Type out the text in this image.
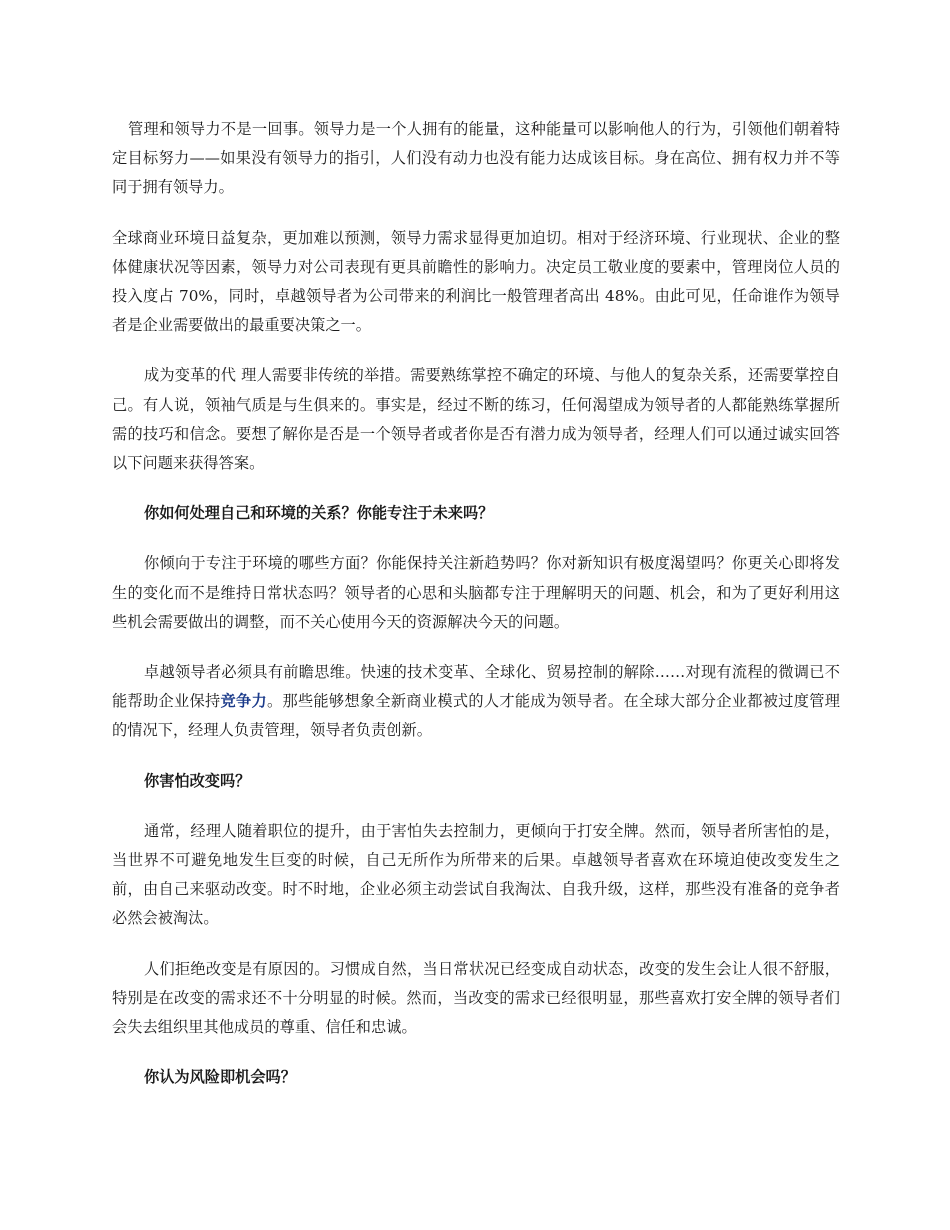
管理和领导力不是一回事。领导力是一个人拥有的能量，这种能量可以影响他人的行为，引领他们朝着特定目标努力——如果没有领导力的指引，人们没有动力也没有能力达成该目标。身在高位、拥有权力并不等同于拥有领导力。

全球商业环境日益复杂，更加难以预测，领导力需求显得更加迫切。相对于经济环境、行业现状、企业的整体健康状况等因素，领导力对公司表现有更具前瞻性的影响力。决定员工敬业度的要素中，管理岗位人员的投入度占 70%，同时，卓越领导者为公司带来的利润比一般管理者高出 48%。由此可见，任命谁作为领导者是企业需要做出的最重要决策之一。

成为变革的代 理人需要非传统的举措。需要熟练掌控不确定的环境、与他人的复杂关系，还需要掌控自己。有人说，领袖气质是与生俱来的。事实是，经过不断的练习，任何渴望成为领导者的人都能熟练掌握所需的技巧和信念。要想了解你是否是一个领导者或者你是否有潜力成为领导者，经理人们可以通过诚实回答以下问题来获得答案。

你如何处理自己和环境的关系？你能专注于未来吗？

你倾向于专注于环境的哪些方面？你能保持关注新趋势吗？你对新知识有极度渴望吗？你更关心即将发生的变化而不是维持日常状态吗？领导者的心思和头脑都专注于理解明天的问题、机会，和为了更好利用这些机会需要做出的调整，而不关心使用今天的资源解决今天的问题。

卓越领导者必须具有前瞻思维。快速的技术变革、全球化、贸易控制的解除……对现有流程的微调已不能帮助企业保持竞争力。那些能够想象全新商业模式的人才能成为领导者。在全球大部分企业都被过度管理的情况下，经理人负责管理，领导者负责创新。

你害怕改变吗？

通常，经理人随着职位的提升，由于害怕失去控制力，更倾向于打安全牌。然而，领导者所害怕的是，当世界不可避免地发生巨变的时候，自己无所作为所带来的后果。卓越领导者喜欢在环境迫使改变发生之前，由自己来驱动改变。时不时地，企业必须主动尝试自我淘汰、自我升级，这样，那些没有准备的竞争者必然会被淘汰。

人们拒绝改变是有原因的。习惯成自然，当日常状况已经变成自动状态，改变的发生会让人很不舒服，特别是在改变的需求还不十分明显的时候。然而，当改变的需求已经很明显，那些喜欢打安全牌的领导者们会失去组织里其他成员的尊重、信任和忠诚。

你认为风险即机会吗？
